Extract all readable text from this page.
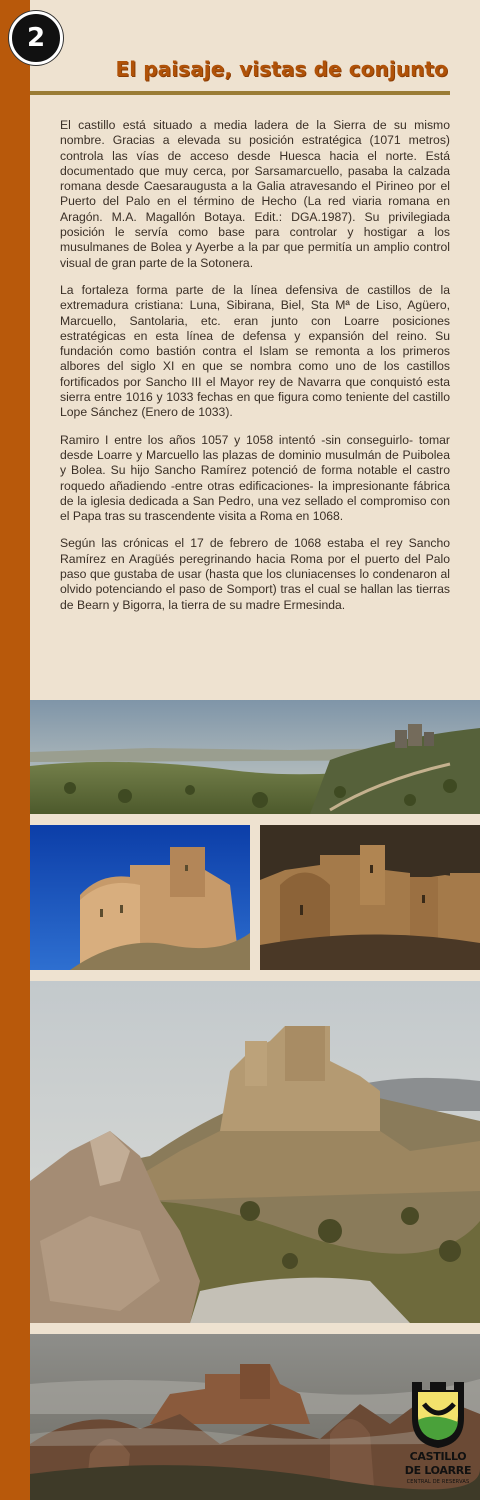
2
El paisaje, vistas de conjunto

El castillo está situado a media ladera de la Sierra de su mismo nombre. Gracias a elevada su posición estratégica (1071 metros) controla las vías de acceso desde Huesca hacia el norte. Está documentado que muy cerca, por Sarsamarcuello, pasaba la calzada romana desde Caesaraugusta a la Galia atravesando el Pirineo por el Puerto del Palo en el término de Hecho (La red viaria romana en Aragón. M.A. Magallón Botaya. Edit.: DGA.1987). Su privilegiada posición le servía como base para controlar y hostigar a los musulmanes de Bolea y Ayerbe a la par que permitía un amplio control visual de gran parte de la Sotonera.

La fortaleza forma parte de la línea defensiva de castillos de la extremadura cristiana: Luna, Sibirana, Biel, Sta Mª de Liso, Agüero, Marcuello, Santolaria, etc. eran junto con Loarre posiciones estratégicas en esta línea de defensa y expansión del reino. Su fundación como bastión contra el Islam se remonta a los primeros albores del siglo XI en que se nombra como uno de los castillos fortificados por Sancho III el Mayor rey de Navarra que conquistó esta sierra entre 1016 y 1033 fechas en que figura como teniente del castillo Lope Sánchez (Enero de 1033).

Ramiro I entre los años 1057 y 1058 intentó -sin conseguirlo- tomar desde Loarre y Marcuello las plazas de dominio musulmán de Puibolea y Bolea. Su hijo Sancho Ramírez potenció de forma notable el castro roquedo añadiendo -entre otras edificaciones- la impresionante fábrica de la iglesia dedicada a San Pedro, una vez sellado el compromiso con el Papa tras su trascendente visita a Roma en 1068.

Según las crónicas el 17 de febrero de 1068 estaba el rey Sancho Ramírez en Aragüés peregrinando hacia Roma por el puerto del Palo paso que gustaba de usar (hasta que los cluniacenses lo condenaron al olvido potenciando el paso de Somport) tras el cual se hallan las tierras de Bearn y Bigorra, la tierra de su madre Ermesinda.

CASTILLO
DE LOARRE
CENTRAL DE RESERVAS
